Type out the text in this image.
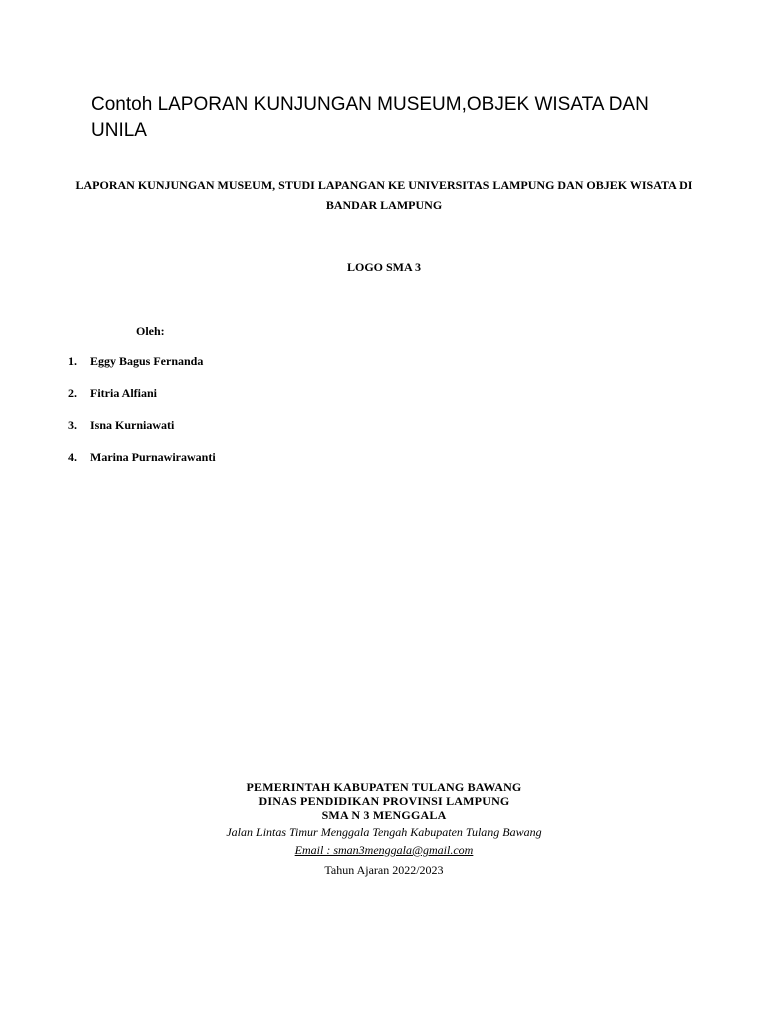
Contoh LAPORAN KUNJUNGAN MUSEUM,OBJEK WISATA DAN UNILA

LAPORAN KUNJUNGAN MUSEUM, STUDI LAPANGAN KE UNIVERSITAS LAMPUNG DAN OBJEK WISATA DI BANDAR LAMPUNG

LOGO SMA 3
Oleh:
1. Eggy Bagus Fernanda
2. Fitria Alfiani
3. Isna Kurniawati
4. Marina Purnawirawanti
PEMERINTAH KABUPATEN TULANG BAWANG
DINAS PENDIDIKAN PROVINSI LAMPUNG
SMA N 3 MENGGALA
Jalan Lintas Timur Menggala Tengah Kabupaten Tulang Bawang
Email : sman3menggala@gmail.com
Tahun Ajaran 2022/2023
